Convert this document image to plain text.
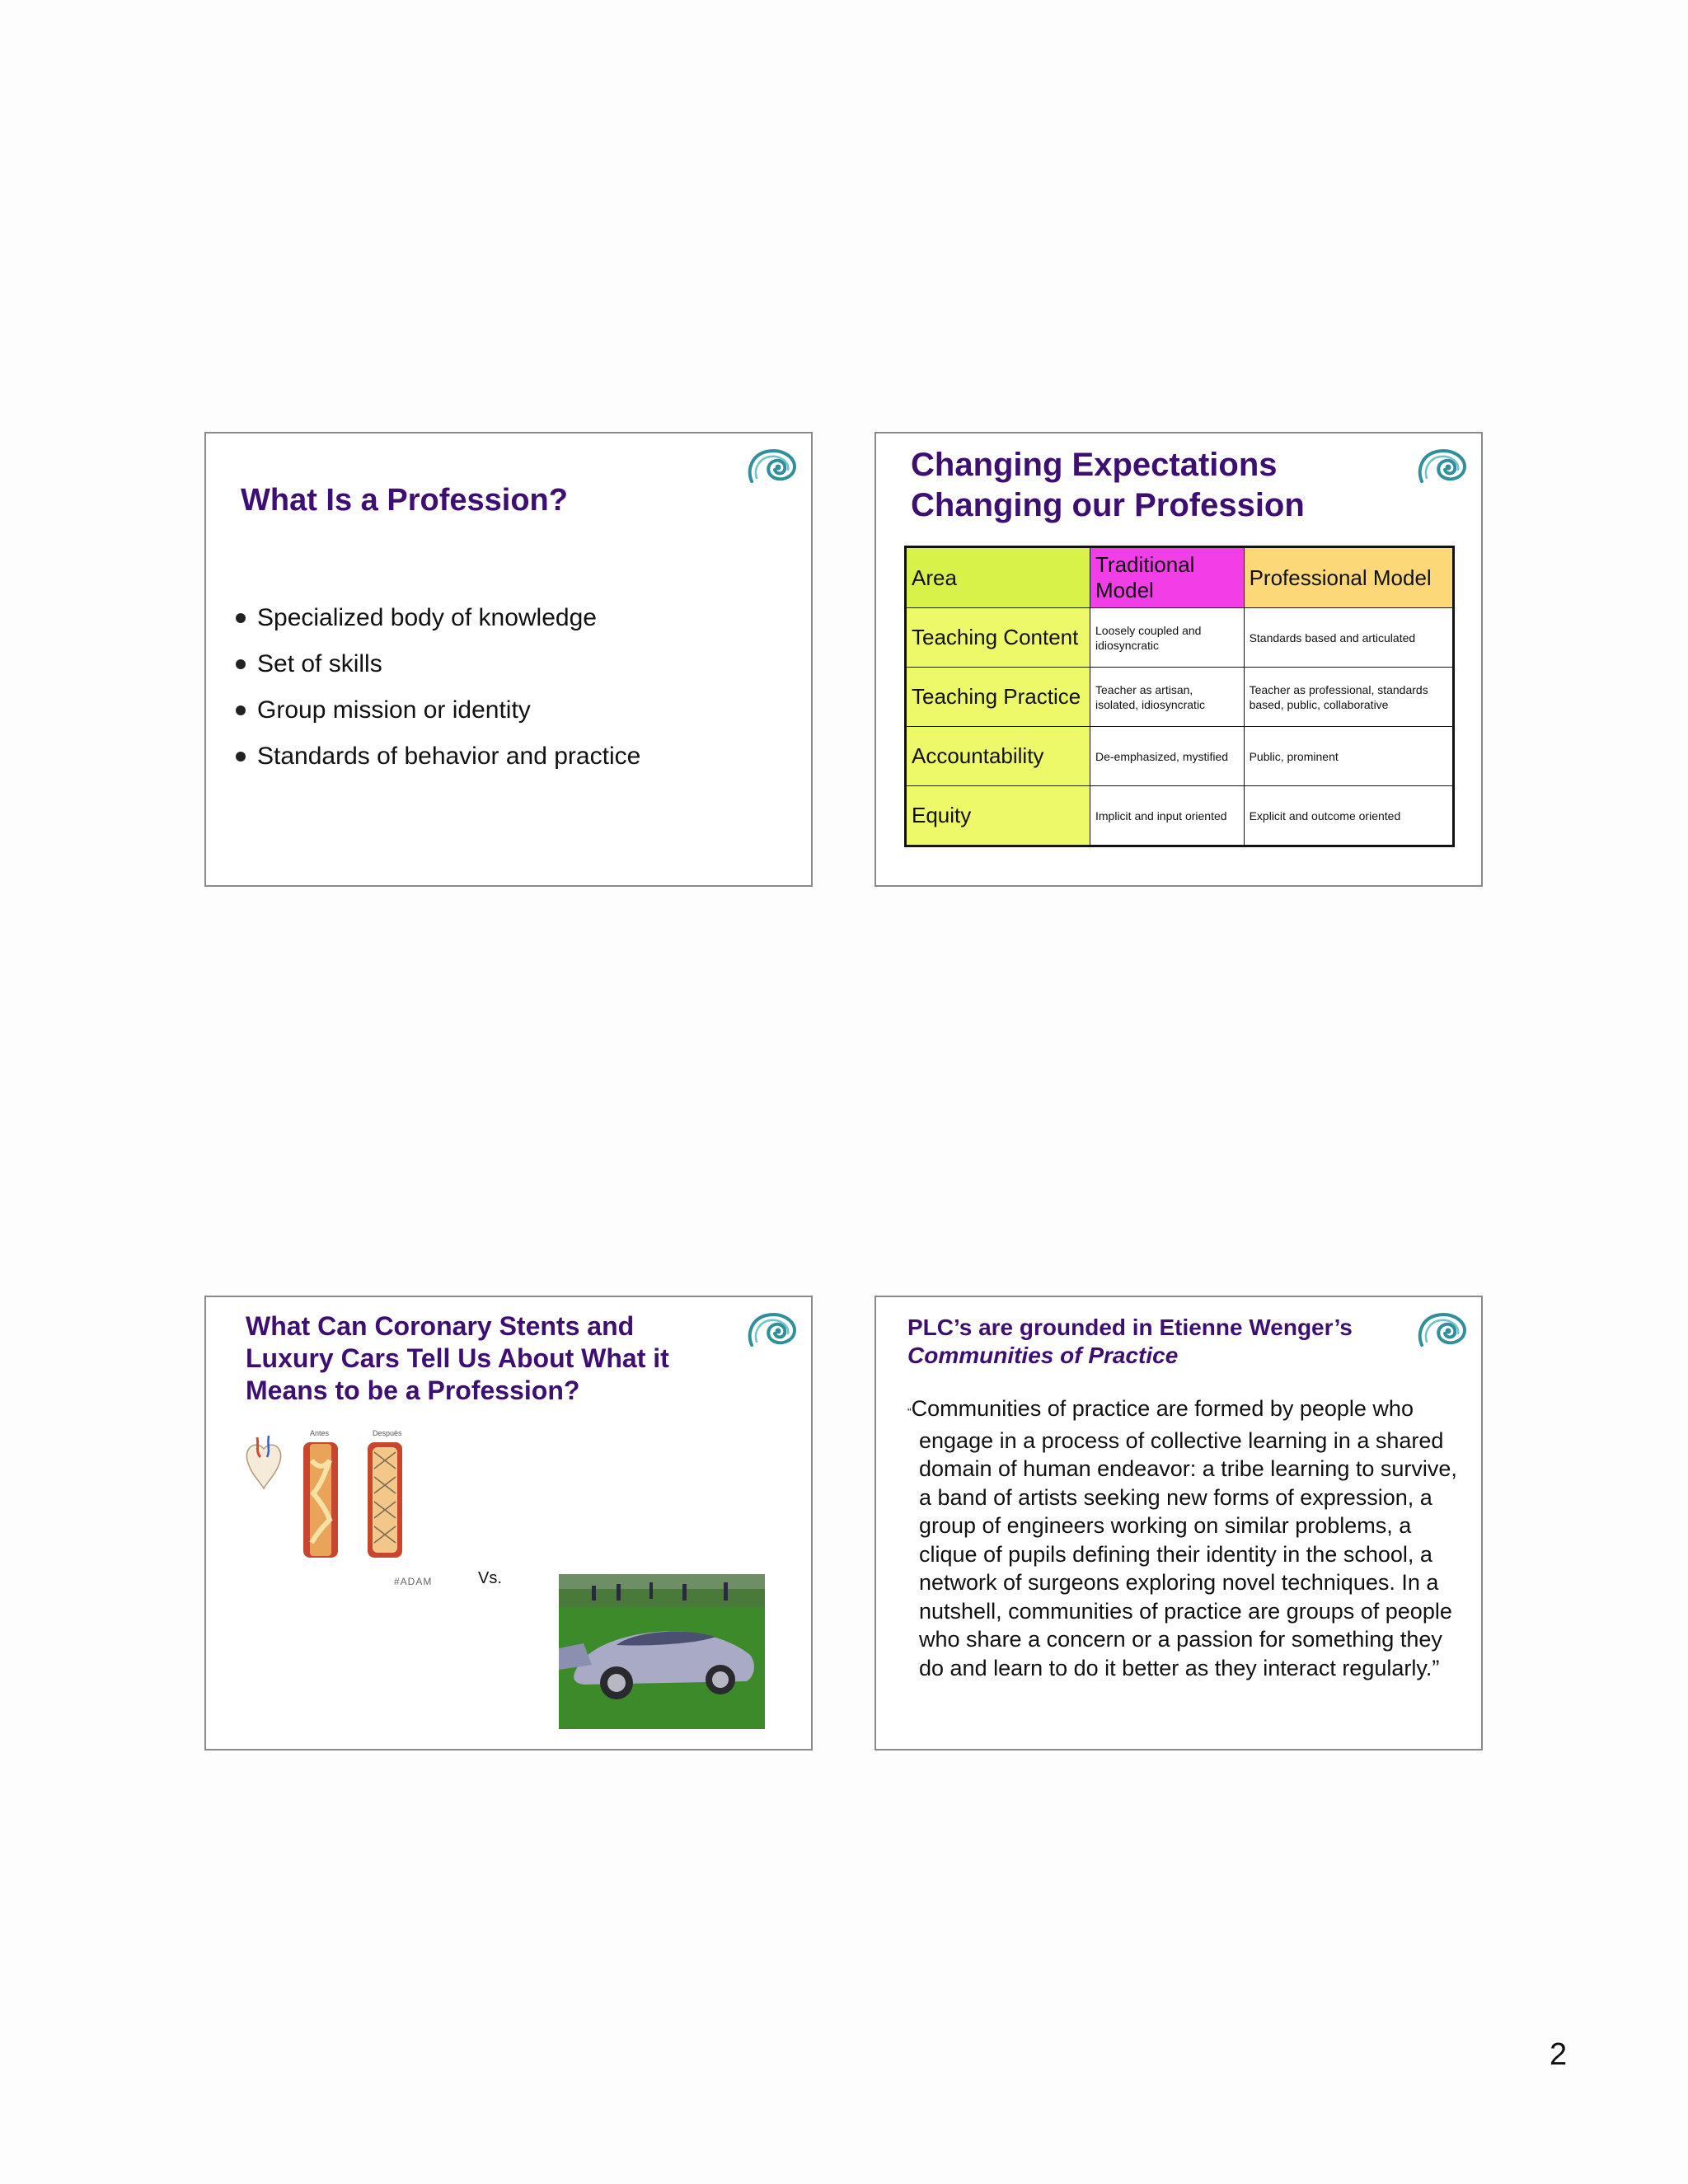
What Is a Profession?
Specialized body of knowledge
Set of skills
Group mission or identity
Standards of behavior and practice
Changing Expectations
Changing our Profession
Area	Traditional Model	Professional Model
Teaching Content	Loosely coupled and idiosyncratic	Standards based and articulated
Teaching Practice	Teacher as artisan, isolated, idiosyncratic	Teacher as professional, standards based, public, collaborative
Accountability	De-emphasized, mystified	Public, prominent
Equity	Implicit and input oriented	Explicit and outcome oriented
What Can Coronary Stents and
Luxury Cars Tell Us About What it
Means to be a Profession?
Antes	Despuès
#ADAM	Vs.
PLC’s are grounded in Etienne Wenger’s
Communities of Practice

“Communities of practice are formed by people who engage in a process of collective learning in a shared domain of human endeavor: a tribe learning to survive, a band of artists seeking new forms of expression, a group of engineers working on similar problems, a clique of pupils defining their identity in the school, a network of surgeons exploring novel techniques. In a nutshell, communities of practice are groups of people who share a concern or a passion for something they do and learn to do it better as they interact regularly.”

2
